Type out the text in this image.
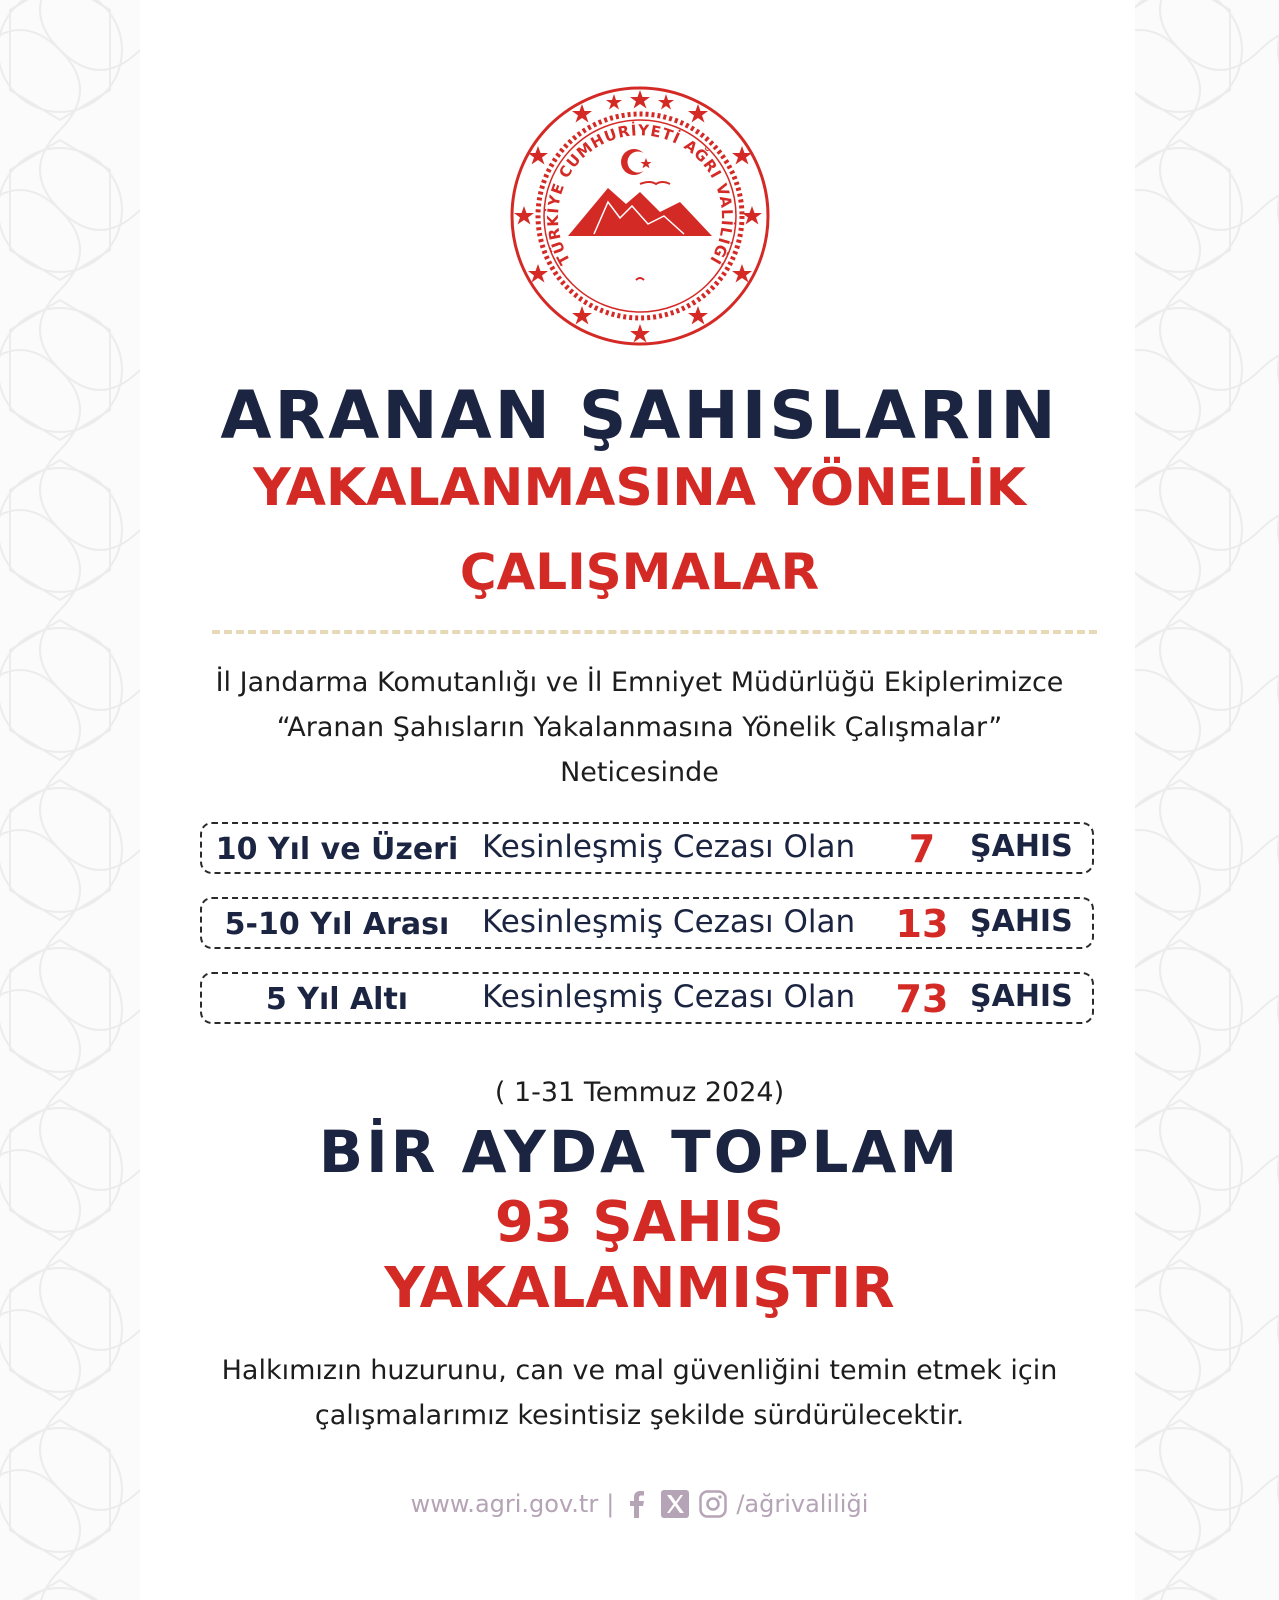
TÜRKİYE CUMHURİYETİ AĞRI VALİLİĞİ
ARANAN ŞAHISLARIN
YAKALANMASINA YÖNELİK
ÇALIŞMALAR
İl Jandarma Komutanlığı ve İl Emniyet Müdürlüğü Ekiplerimizce
“Aranan Şahısların Yakalanmasına Yönelik Çalışmalar”
Neticesinde
10 Yıl ve Üzeri Kesinleşmiş Cezası Olan	7	ŞAHIS
5-10 Yıl Arası	Kesinleşmiş Cezası Olan	13 ŞAHIS
5 Yıl Altı	Kesinleşmiş Cezası Olan	73 ŞAHIS
( 1-31 Temmuz 2024)
BİR AYDA TOPLAM
93 ŞAHIS
YAKALANMIŞTIR
Halkımızın huzurunu, can ve mal güvenliğini temin etmek için
çalışmalarımız kesintisiz şekilde sürdürülecektir.
www.agri.gov.tr |	/ağrivaliliği
